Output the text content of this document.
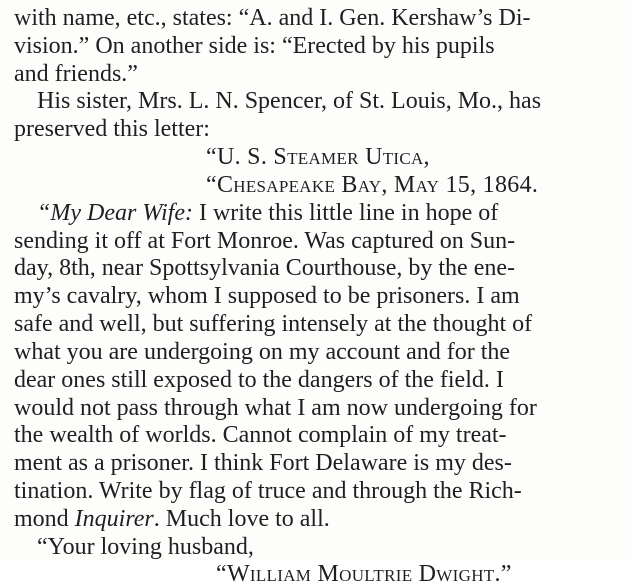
with name, etc., states: “A. and I. Gen. Kershaw’s Di-
vision.” On another side is: “Erected by his pupils
and friends.”
His sister, Mrs. L. N. Spencer, of St. Louis, Mo., has
preserved this letter:
“U. S. Steamer Utica,
“Chesapeake Bay, May 15, 1864.
“My Dear Wife: I write this little line in hope of
sending it off at Fort Monroe. Was captured on Sun-
day, 8th, near Spottsylvania Courthouse, by the ene-
my’s cavalry, whom I supposed to be prisoners. I am
safe and well, but suffering intensely at the thought of
what you are undergoing on my account and for the
dear ones still exposed to the dangers of the field. I
would not pass through what I am now undergoing for
the wealth of worlds. Cannot complain of my treat-
ment as a prisoner. I think Fort Delaware is my des-
tination. Write by flag of truce and through the Rich-
mond Inquirer. Much love to all.
“Your loving husband,
“William Moultrie Dwight.”
